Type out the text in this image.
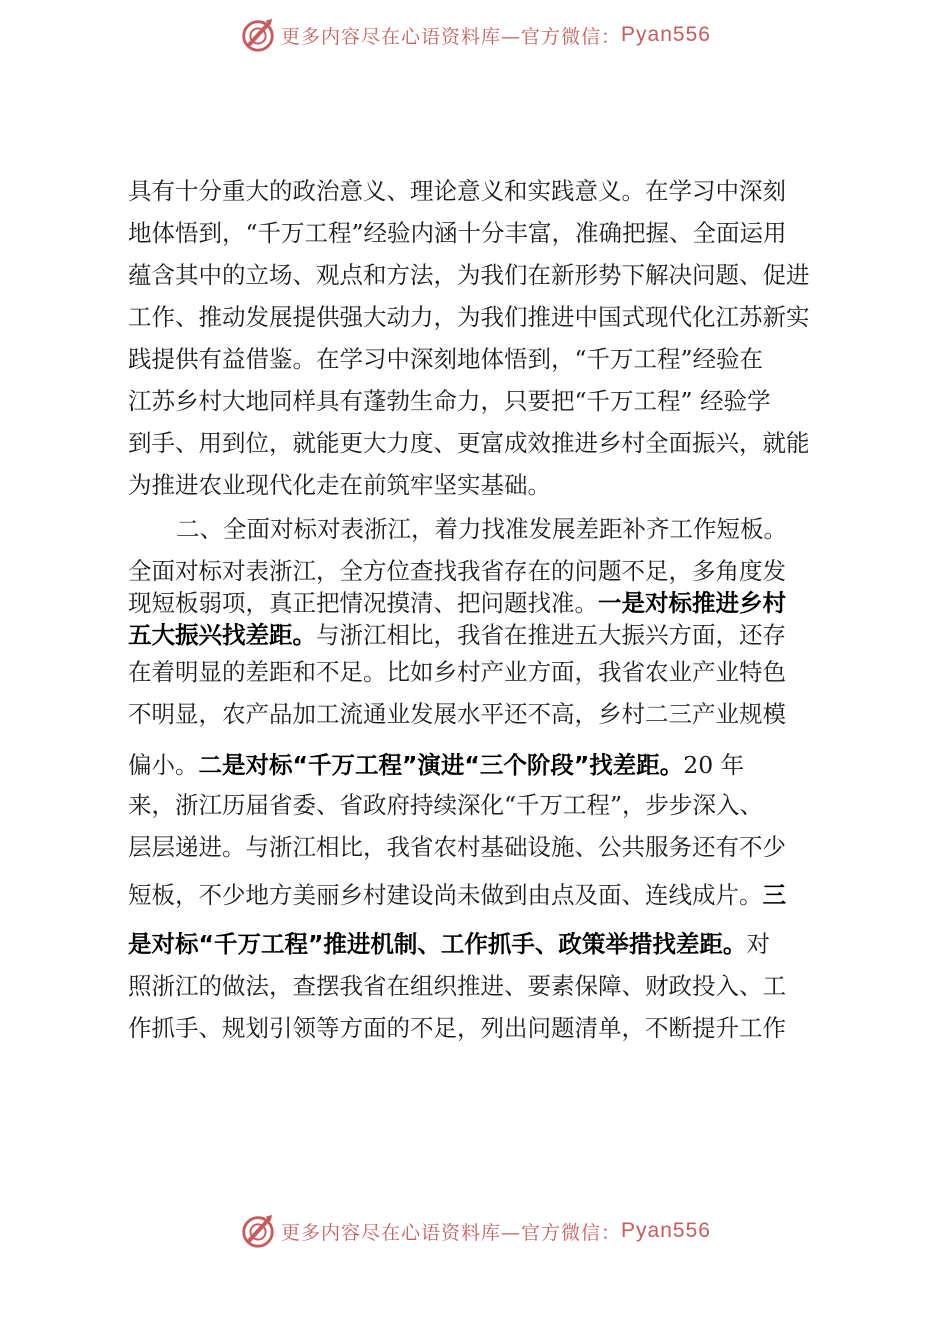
更多内容尽在心语资料库—官方微信： Pyan556
具有十分重大的政治意义、理论意义和实践意义。在学习中深刻
地体悟到，“千万工程”经验内涵十分丰富，准确把握、全面运用
蕴含其中的立场、观点和方法，为我们在新形势下解决问题、促进
工作、推动发展提供强大动力，为我们推进中国式现代化江苏新实
践提供有益借鉴。在学习中深刻地体悟到，“千万工程”经验在
江苏乡村大地同样具有蓬勃生命力，只要把“千万工程” 经验学
到手、用到位，就能更大力度、更富成效推进乡村全面振兴，就能
为推进农业现代化走在前筑牢坚实基础。
二、全面对标对表浙江，着力找准发展差距补齐工作短板。
全面对标对表浙江，全方位查找我省存在的问题不足，多角度发
现短板弱项，真正把情况摸清、把问题找准。一是对标推进乡村
五大振兴找差距。与浙江相比，我省在推进五大振兴方面，还存
在着明显的差距和不足。比如乡村产业方面，我省农业产业特色
不明显，农产品加工流通业发展水平还不高，乡村二三产业规模
偏小。二是对标“千万工程”演进“三个阶段”找差距。20 年
来，浙江历届省委、省政府持续深化“千万工程”，步步深入、
层层递进。与浙江相比，我省农村基础设施、公共服务还有不少
短板，不少地方美丽乡村建设尚未做到由点及面、连线成片。三
是对标“千万工程”推进机制、工作抓手、政策举措找差距。对
照浙江的做法，查摆我省在组织推进、要素保障、财政投入、工
作抓手、规划引领等方面的不足，列出问题清单，不断提升工作
更多内容尽在心语资料库—官方微信： Pyan556
